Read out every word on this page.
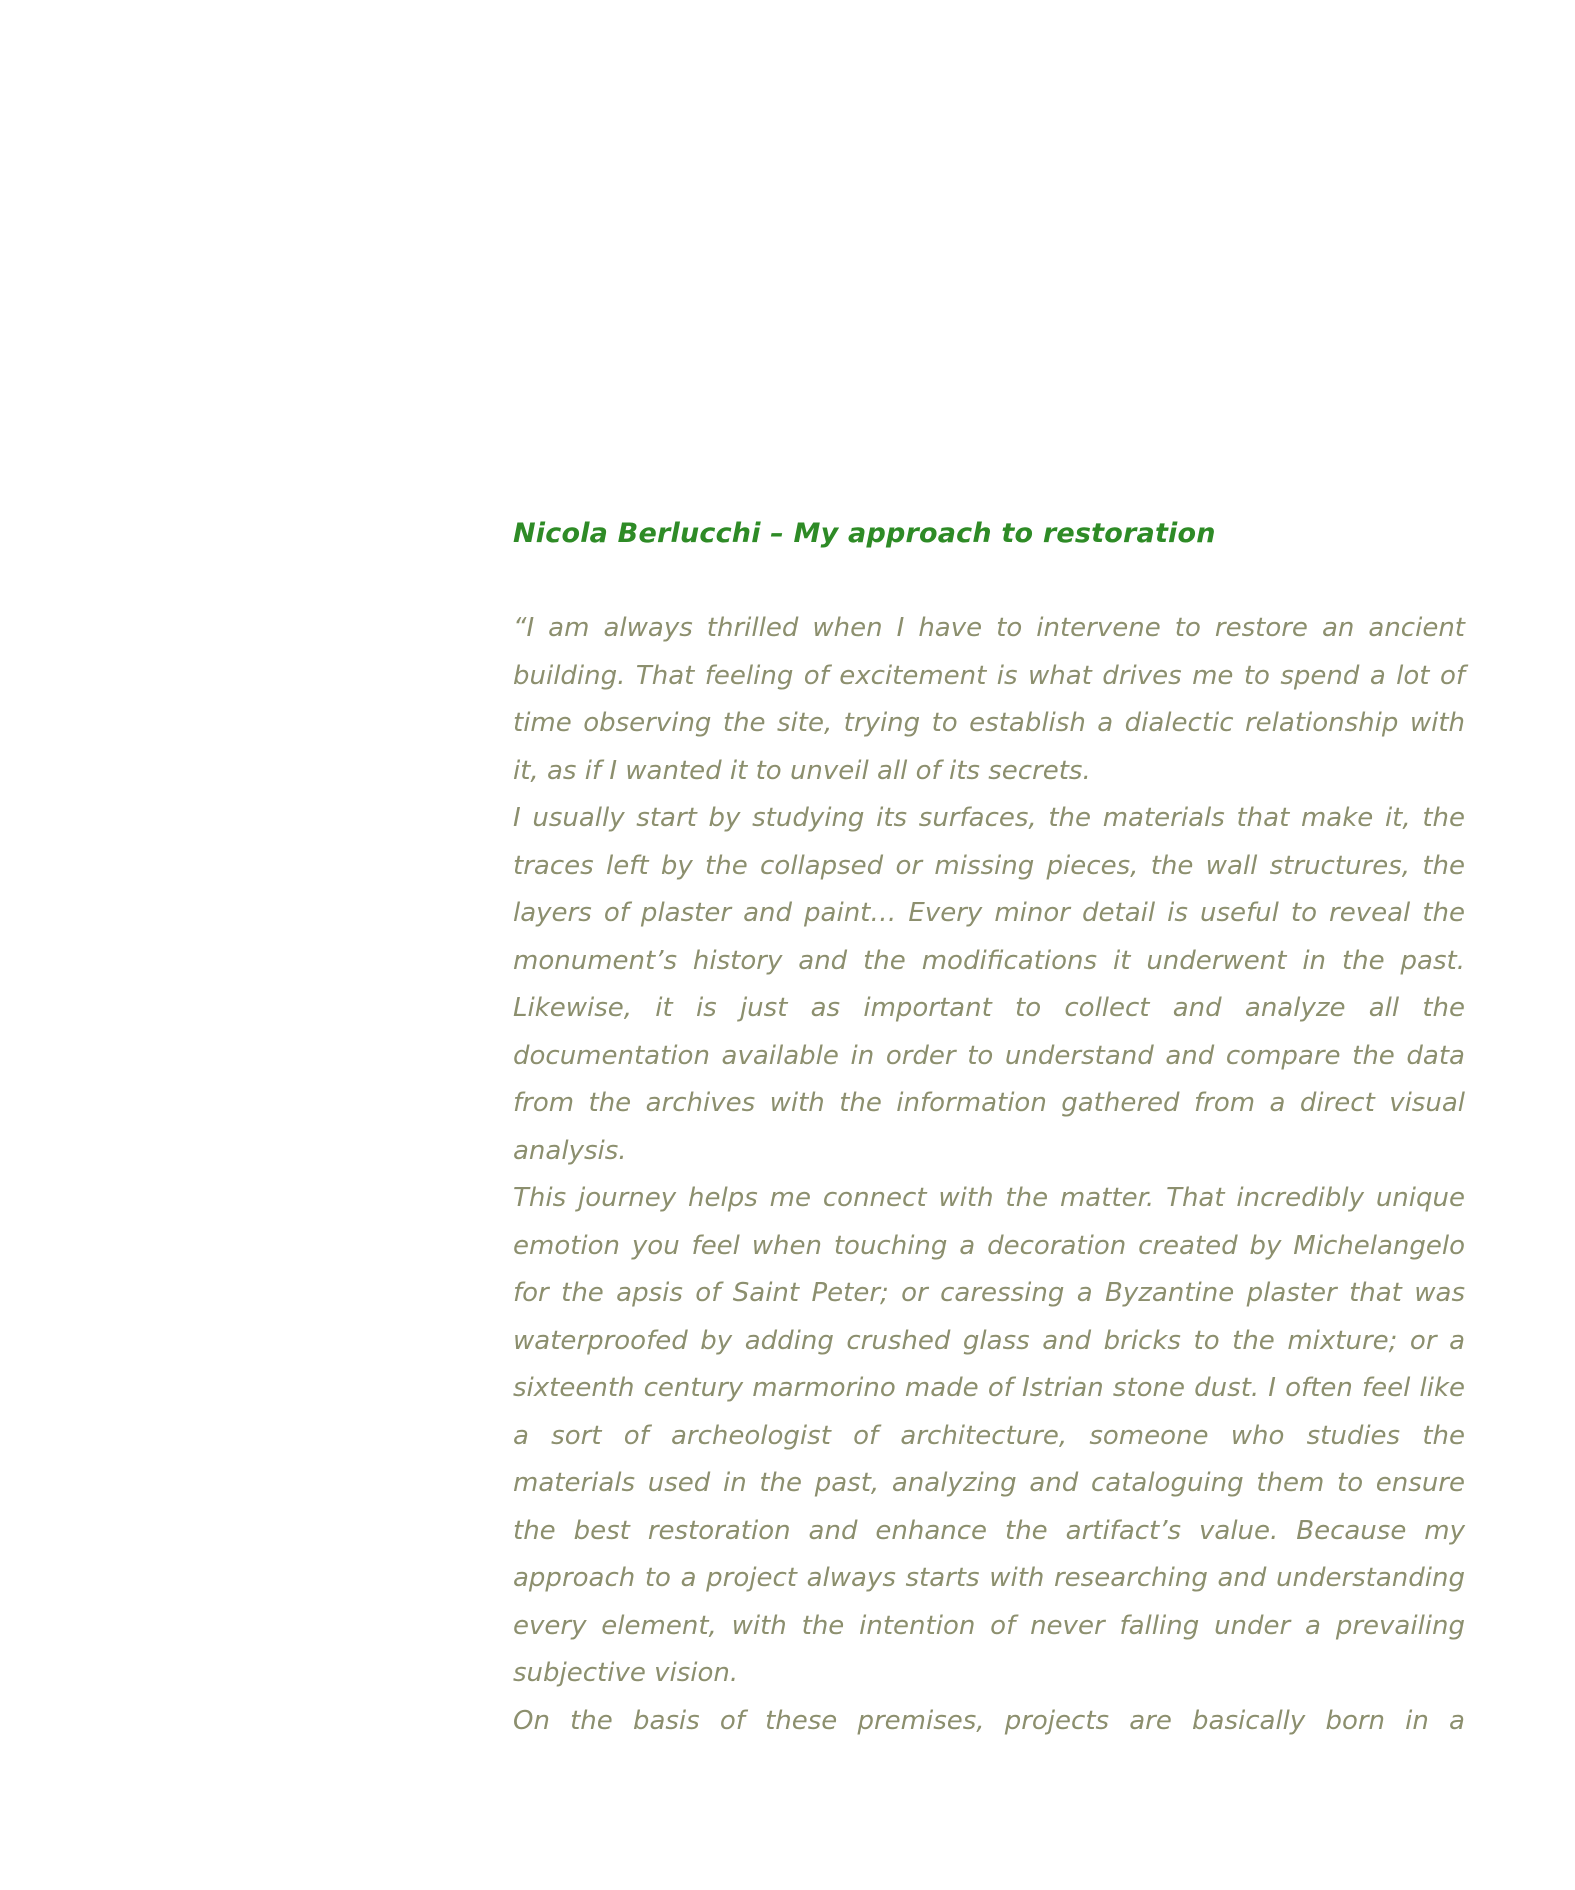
Nicola Berlucchi – My approach to restoration

“I am always thrilled when I have to intervene to restore an ancient building. That feeling of excitement is what drives me to spend a lot of time observing the site, trying to establish a dialectic relationship with it, as if I wanted it to unveil all of its secrets.

I usually start by studying its surfaces, the materials that make it, the traces left by the collapsed or missing pieces, the wall structures, the layers of plaster and paint… Every minor detail is useful to reveal the monument’s history and the modifications it underwent in the past. Likewise, it is just as important to collect and analyze all the documentation available in order to understand and compare the data from the archives with the information gathered from a direct visual analysis.

This journey helps me connect with the matter. That incredibly unique emotion you feel when touching a decoration created by Michelangelo for the apsis of Saint Peter; or caressing a Byzantine plaster that was waterproofed by adding crushed glass and bricks to the mixture; or a sixteenth century marmorino made of Istrian stone dust. I often feel like a sort of archeologist of architecture, someone who studies the materials used in the past, analyzing and cataloguing them to ensure the best restoration and enhance the artifact’s value. Because my approach to a project always starts with researching and understanding every element, with the intention of never falling under a prevailing subjective vision.

On the basis of these premises, projects are basically born in a
